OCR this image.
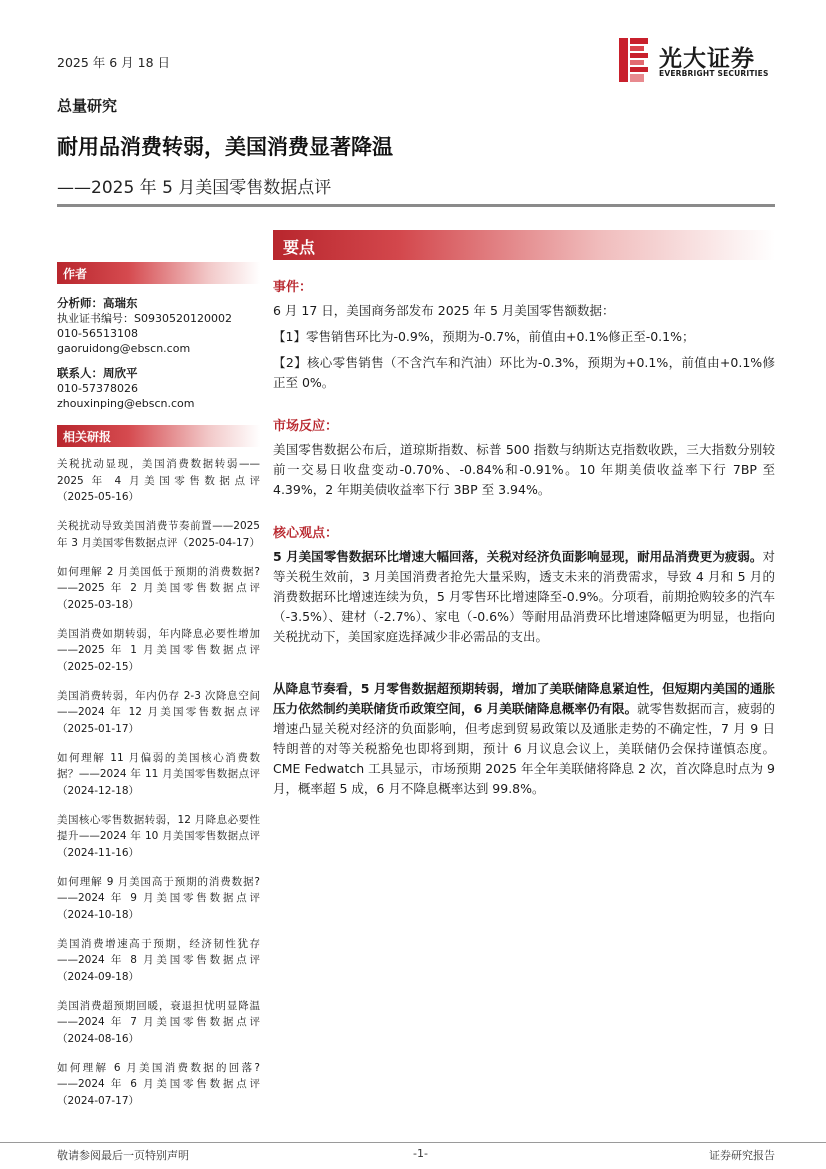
2025 年 6 月 18 日	光大证券
EVERBRIGHT SECURITIES
总量研究
耐用品消费转弱，美国消费显著降温
——2025 年 5 月美国零售数据点评
作者
分析师：高瑞东
执业证书编号：S0930520120002
010-56513108
gaoruidong@ebscn.com
联系人：周欣平
010-57378026
zhouxinping@ebscn.com
相关研报
关税扰动显现，美国消费数据转弱——
2025 年 4 月美国零售数据点评
（2025-05-16）
关税扰动导致美国消费节奏前置——2025
年 3 月美国零售数据点评（2025-04-17）
如何理解 2 月美国低于预期的消费数据?
——2025 年 2 月美国零售数据点评
（2025-03-18）
美国消费如期转弱，年内降息必要性增加
——2025 年 1 月美国零售数据点评
（2025-02-15）
美国消费转弱，年内仍存 2-3 次降息空间
——2024 年 12 月美国零售数据点评
（2025-01-17）
如何理解 11 月偏弱的美国核心消费数
据？——2024 年 11 月美国零售数据点评
（2024-12-18）
美国核心零售数据转弱，12 月降息必要性
提升——2024 年 10 月美国零售数据点评
（2024-11-16）
如何理解 9 月美国高于预期的消费数据?
——2024 年 9 月美国零售数据点评
（2024-10-18）
美国消费增速高于预期，经济韧性犹存
——2024 年 8 月美国零售数据点评
（2024-09-18）
美国消费超预期回暖，衰退担忧明显降温
——2024 年 7 月美国零售数据点评
（2024-08-16）
如何理解 6 月美国消费数据的回落?
——2024 年 6 月美国零售数据点评
（2024-07-17）
要点
事件：

6 月 17 日，美国商务部发布 2025 年 5 月美国零售额数据：

【1】零售销售环比为-0.9%，预期为-0.7%，前值由+0.1%修正至-0.1%；

【2】核心零售销售（不含汽车和汽油）环比为-0.3%，预期为+0.1%，前值由+0.1%修正至 0%。

市场反应：

美国零售数据公布后，道琼斯指数、标普 500 指数与纳斯达克指数收跌，三大指数分别较前一交易日收盘变动-0.70%、-0.84%和-0.91%。10 年期美债收益率下行 7BP 至 4.39%，2 年期美债收益率下行 3BP 至 3.94%。

核心观点：

5 月美国零售数据环比增速大幅回落，关税对经济负面影响显现，耐用品消费更为疲弱。对等关税生效前，3 月美国消费者抢先大量采购，透支未来的消费需求，导致 4 月和 5 月的消费数据环比增速连续为负，5 月零售环比增速降至-0.9%。分项看，前期抢购较多的汽车（-3.5%）、建材（-2.7%）、家电（-0.6%）等耐用品消费环比增速降幅更为明显，也指向关税扰动下，美国家庭选择减少非必需品的支出。

从降息节奏看，5 月零售数据超预期转弱，增加了美联储降息紧迫性，但短期内美国的通胀压力依然制约美联储货币政策空间，6 月美联储降息概率仍有限。就零售数据而言，疲弱的增速凸显关税对经济的负面影响，但考虑到贸易政策以及通胀走势的不确定性，7 月 9 日特朗普的对等关税豁免也即将到期，预计 6 月议息会议上，美联储仍会保持谨慎态度。CME Fedwatch 工具显示，市场预期 2025 年全年美联储将降息 2 次，首次降息时点为 9 月，概率超 5 成，6 月不降息概率达到 99.8%。

敬请参阅最后一页特别声明	-1-	证券研究报告
